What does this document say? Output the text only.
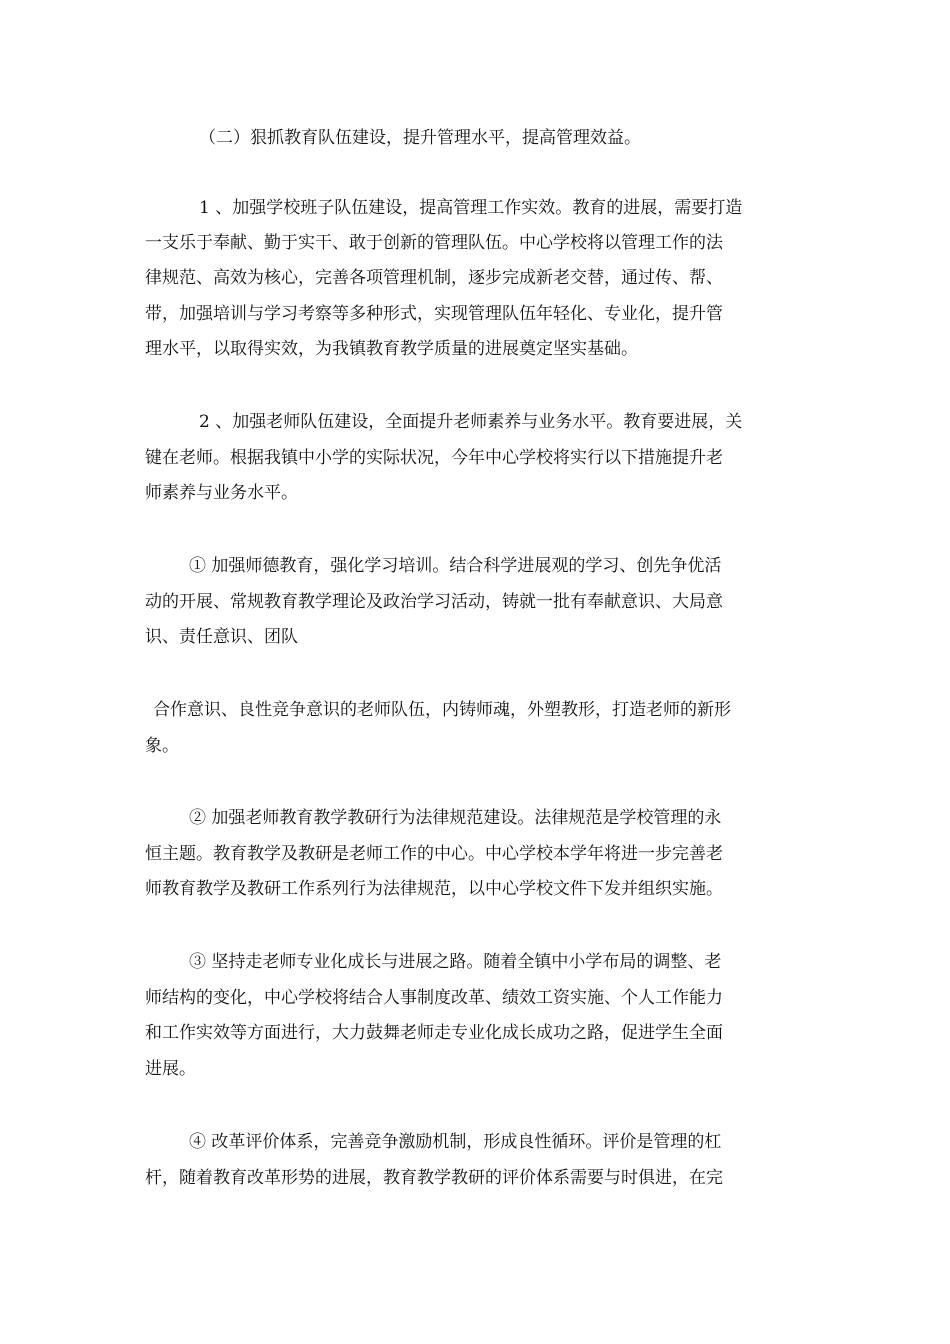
（二）狠抓教育队伍建设，提升管理水平，提高管理效益。
1 、加强学校班子队伍建设，提高管理工作实效。教育的进展，需要打造
一支乐于奉献、勤于实干、敢于创新的管理队伍。中心学校将以管理工作的法
律规范、高效为核心，完善各项管理机制，逐步完成新老交替，通过传、帮、
带，加强培训与学习考察等多种形式，实现管理队伍年轻化、专业化，提升管
理水平，以取得实效，为我镇教育教学质量的进展奠定坚实基础。
2 、加强老师队伍建设，全面提升老师素养与业务水平。教育要进展，关
键在老师。根据我镇中小学的实际状况，今年中心学校将实行以下措施提升老
师素养与业务水平。
① 加强师德教育，强化学习培训。结合科学进展观的学习、创先争优活
动的开展、常规教育教学理论及政治学习活动，铸就一批有奉献意识、大局意
识、责任意识、团队
合作意识、良性竞争意识的老师队伍，内铸师魂，外塑教形，打造老师的新形
象。
② 加强老师教育教学教研行为法律规范建设。法律规范是学校管理的永
恒主题。教育教学及教研是老师工作的中心。中心学校本学年将进一步完善老
师教育教学及教研工作系列行为法律规范，以中心学校文件下发并组织实施。
③ 坚持走老师专业化成长与进展之路。随着全镇中小学布局的调整、老
师结构的变化，中心学校将结合人事制度改革、绩效工资实施、个人工作能力
和工作实效等方面进行，大力鼓舞老师走专业化成长成功之路，促进学生全面
进展。
④ 改革评价体系，完善竞争激励机制，形成良性循环。评价是管理的杠
杆，随着教育改革形势的进展，教育教学教研的评价体系需要与时俱进，在完
